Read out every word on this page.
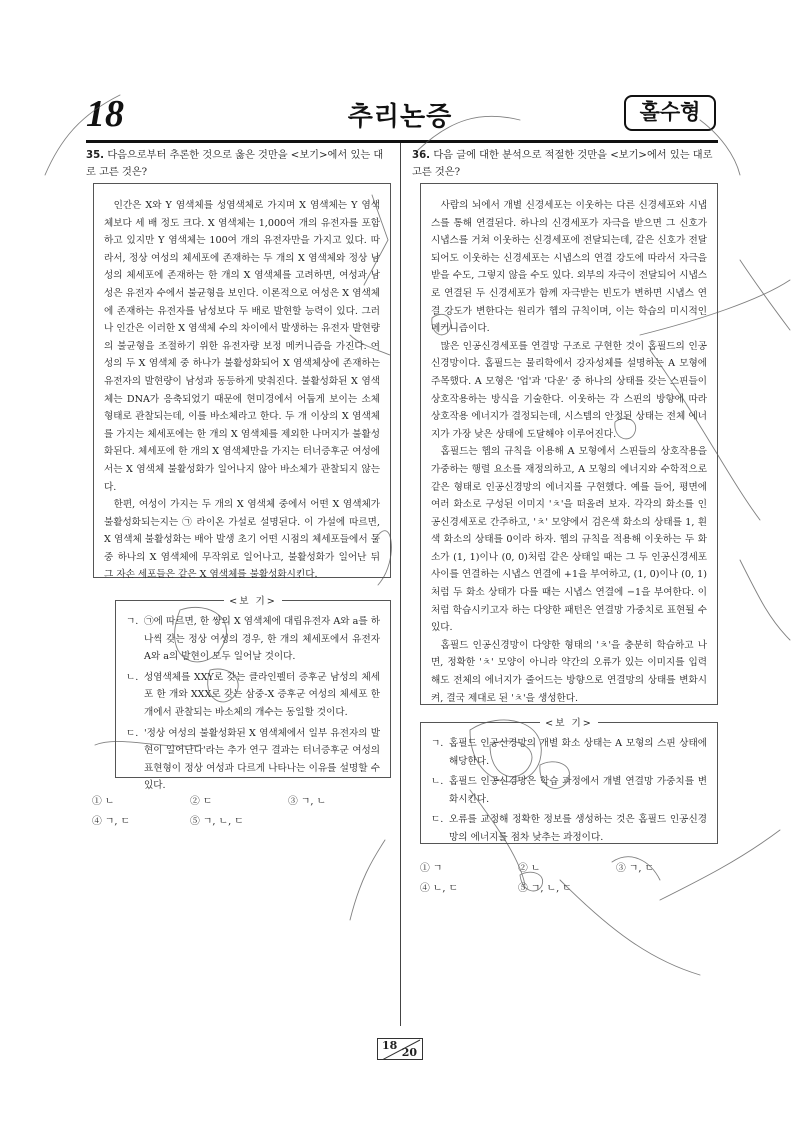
18	추리논증	홀수형
35. 다음으로부터 추론한 것으로 옳은 것만을 <보기>에서 있는 대로 고른 것은?

인간은 X와 Y 염색체를 성염색체로 가지며 X 염색체는 Y 염색체보다 세 배 정도 크다. X 염색체는 1,000여 개의 유전자를 포함하고 있지만 Y 염색체는 100여 개의 유전자만을 가지고 있다. 따라서, 정상 여성의 체세포에 존재하는 두 개의 X 염색체와 정상 남성의 체세포에 존재하는 한 개의 X 염색체를 고려하면, 여성과 남성은 유전자 수에서 불균형을 보인다. 이론적으로 여성은 X 염색체에 존재하는 유전자를 남성보다 두 배로 발현할 능력이 있다. 그러나 인간은 이러한 X 염색체 수의 차이에서 발생하는 유전자 발현량의 불균형을 조절하기 위한 유전자량 보정 메커니즘을 가진다. 여성의 두 X 염색체 중 하나가 불활성화되어 X 염색체상에 존재하는 유전자의 발현량이 남성과 동등하게 맞춰진다. 불활성화된 X 염색체는 DNA가 응축되었기 때문에 현미경에서 어둡게 보이는 소체 형태로 관찰되는데, 이를 바소체라고 한다. 두 개 이상의 X 염색체를 가지는 체세포에는 한 개의 X 염색체를 제외한 나머지가 불활성화된다. 체세포에 한 개의 X 염색체만을 가지는 터너증후군 여성에서는 X 염색체 불활성화가 일어나지 않아 바소체가 관찰되지 않는다.

한편, 여성이 가지는 두 개의 X 염색체 중에서 어떤 X 염색체가 불활성화되는지는 ㉠ 라이온 가설로 설명된다. 이 가설에 따르면, X 염색체 불활성화는 배아 발생 초기 어떤 시점의 체세포들에서 둘 중 하나의 X 염색체에 무작위로 일어나고, 불활성화가 일어난 뒤 그 자손 세포들은 같은 X 염색체를 불활성화시킨다.

<보 기>
ㄱ. ㉠에 따르면, 한 쌍의 X 염색체에 대립유전자 A와 a를 하나씩 갖는 정상 여성의 경우, 한 개의 체세포에서 유전자 A와 a의 발현이 모두 일어날 것이다.
ㄴ. 성염색체를 XXY로 갖는 클라인펠터 증후군 남성의 체세포 한 개와 XXX로 갖는 삼중-X 증후군 여성의 체세포 한 개에서 관찰되는 바소체의 개수는 동일할 것이다.
ㄷ. '정상 여성의 불활성화된 X 염색체에서 일부 유전자의 발현이 일어난다'라는 추가 연구 결과는 터너증후군 여성의 표현형이 정상 여성과 다르게 나타나는 이유를 설명할 수 있다.
① ㄴ	② ㄷ	③ ㄱ, ㄴ
④ ㄱ, ㄷ	⑤ ㄱ, ㄴ, ㄷ
36. 다음 글에 대한 분석으로 적절한 것만을 <보기>에서 있는 대로 고른 것은?

사람의 뇌에서 개별 신경세포는 이웃하는 다른 신경세포와 시냅스를 통해 연결된다. 하나의 신경세포가 자극을 받으면 그 신호가 시냅스를 거쳐 이웃하는 신경세포에 전달되는데, 같은 신호가 전달되어도 이웃하는 신경세포는 시냅스의 연결 강도에 따라서 자극을 받을 수도, 그렇지 않을 수도 있다. 외부의 자극이 전달되어 시냅스로 연결된 두 신경세포가 함께 자극받는 빈도가 변하면 시냅스 연결 강도가 변한다는 원리가 헵의 규칙이며, 이는 학습의 미시적인 메커니즘이다.

많은 인공신경세포를 연결망 구조로 구현한 것이 홉필드의 인공신경망이다. 홉필드는 물리학에서 강자성체를 설명하는 A 모형에 주목했다. A 모형은 '업'과 '다운' 중 하나의 상태를 갖는 스핀들이 상호작용하는 방식을 기술한다. 이웃하는 각 스핀의 방향에 따라 상호작용 에너지가 결정되는데, 시스템의 안정된 상태는 전체 에너지가 가장 낮은 상태에 도달해야 이루어진다.

홉필드는 헵의 규칙을 이용해 A 모형에서 스핀들의 상호작용을 가중하는 행렬 요소를 재정의하고, A 모형의 에너지와 수학적으로 같은 형태로 인공신경망의 에너지를 구현했다. 예를 들어, 평면에 여러 화소로 구성된 이미지 'ㅊ'을 떠올려 보자. 각각의 화소를 인공신경세포로 간주하고, 'ㅊ' 모양에서 검은색 화소의 상태를 1, 흰색 화소의 상태를 0이라 하자. 헵의 규칙을 적용해 이웃하는 두 화소가 (1, 1)이나 (0, 0)처럼 같은 상태일 때는 그 두 인공신경세포 사이를 연결하는 시냅스 연결에 +1을 부여하고, (1, 0)이나 (0, 1)처럼 두 화소 상태가 다를 때는 시냅스 연결에 −1을 부여한다. 이처럼 학습시키고자 하는 다양한 패턴은 연결망 가중치로 표현될 수 있다.

홉필드 인공신경망이 다양한 형태의 'ㅊ'을 충분히 학습하고 나면, 정확한 'ㅊ' 모양이 아니라 약간의 오류가 있는 이미지를 입력해도 전체의 에너지가 줄어드는 방향으로 연결망의 상태를 변화시켜, 결국 제대로 된 'ㅊ'을 생성한다.

<보 기>
ㄱ. 홉필드 인공신경망의 개별 화소 상태는 A 모형의 스핀 상태에 해당한다.
ㄴ. 홉필드 인공신경망은 학습 과정에서 개별 연결망 가중치를 변화시킨다.
ㄷ. 오류를 교정해 정확한 정보를 생성하는 것은 홉필드 인공신경망의 에너지를 점차 낮추는 과정이다.
① ㄱ	② ㄴ	③ ㄱ, ㄷ
④ ㄴ, ㄷ	⑤ ㄱ, ㄴ, ㄷ
18
20
